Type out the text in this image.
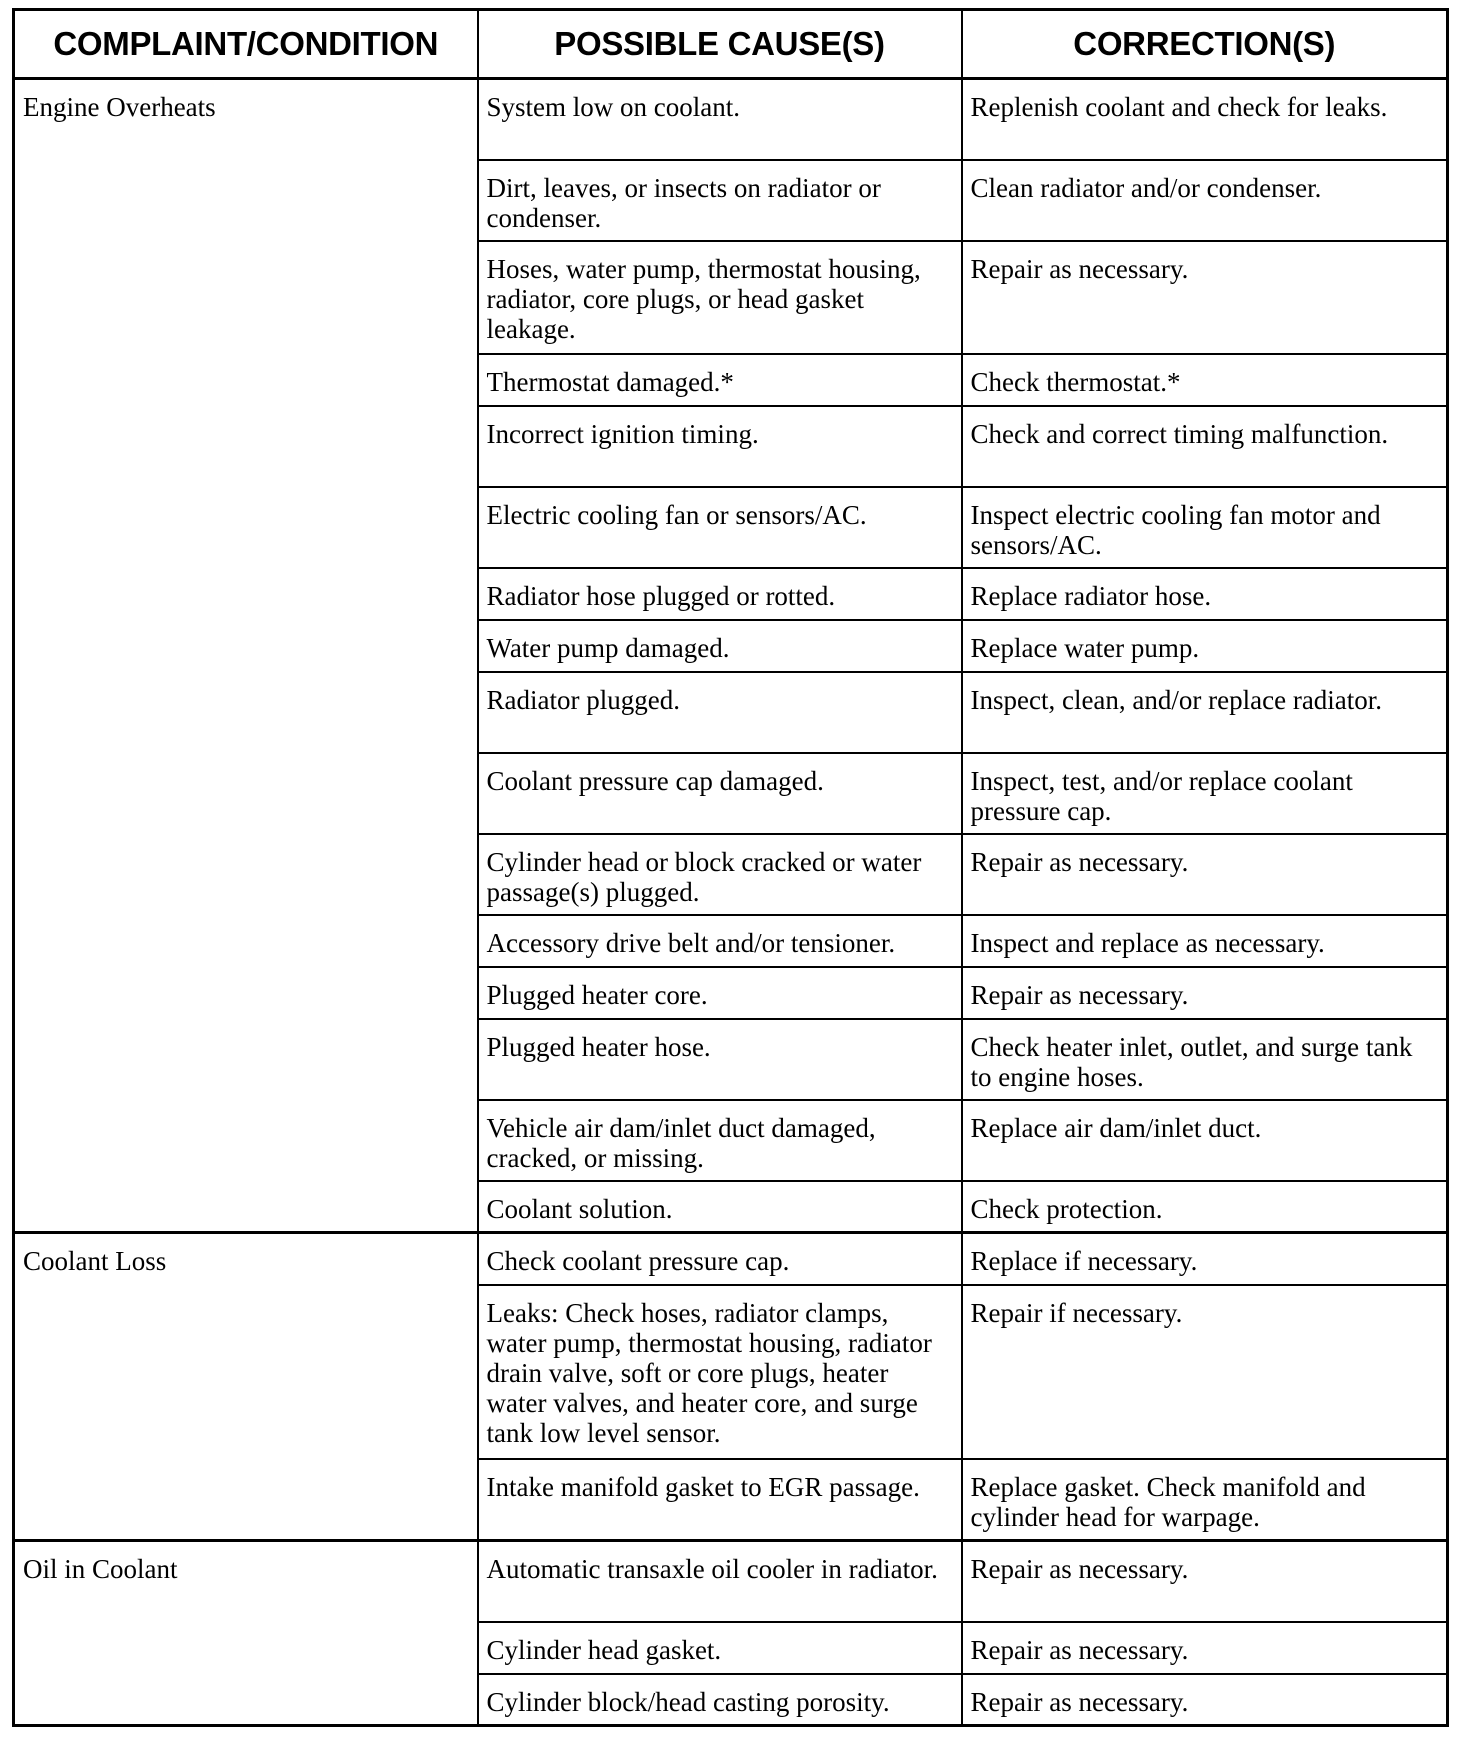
COMPLAINT/CONDITION	POSSIBLE CAUSE(S)	CORRECTION(S)
Engine Overheats	System low on coolant.	Replenish coolant and check for leaks.
	Dirt, leaves, or insects on radiator or condenser.	Clean radiator and/or condenser.
	Hoses, water pump, thermostat housing, radiator, core plugs, or head gasket leakage.	Repair as necessary.
	Thermostat damaged.*	Check thermostat.*
	Incorrect ignition timing.	Check and correct timing malfunction.
	Electric cooling fan or sensors/AC.	Inspect electric cooling fan motor and sensors/AC.
	Radiator hose plugged or rotted.	Replace radiator hose.
	Water pump damaged.	Replace water pump.
	Radiator plugged.	Inspect, clean, and/or replace radiator.
	Coolant pressure cap damaged.	Inspect, test, and/or replace coolant pressure cap.
	Cylinder head or block cracked or water passage(s) plugged.	Repair as necessary.
	Accessory drive belt and/or tensioner.	Inspect and replace as necessary.
	Plugged heater core.	Repair as necessary.
	Plugged heater hose.	Check heater inlet, outlet, and surge tank to engine hoses.
	Vehicle air dam/inlet duct damaged, cracked, or missing.	Replace air dam/inlet duct.
	Coolant solution.	Check protection.
Coolant Loss	Check coolant pressure cap.	Replace if necessary.
	Leaks: Check hoses, radiator clamps, water pump, thermostat housing, radiator drain valve, soft or core plugs, heater water valves, and heater core, and surge tank low level sensor.	Repair if necessary.
	Intake manifold gasket to EGR passage.	Replace gasket. Check manifold and cylinder head for warpage.
Oil in Coolant	Automatic transaxle oil cooler in radiator.	Repair as necessary.
	Cylinder head gasket.	Repair as necessary.
	Cylinder block/head casting porosity.	Repair as necessary.
